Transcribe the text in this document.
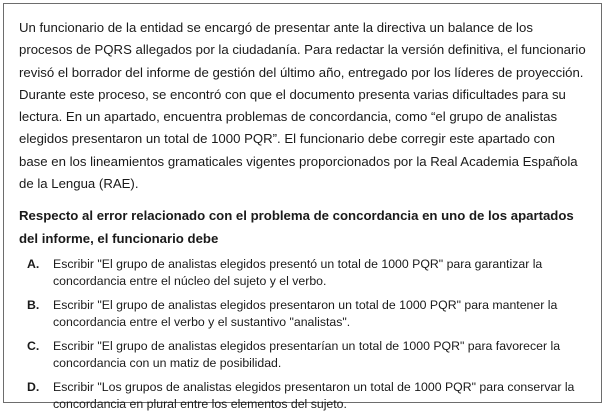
Un funcionario de la entidad se encargó de presentar ante la directiva un balance de los procesos de PQRS allegados por la ciudadanía. Para redactar la versión definitiva, el funcionario revisó el borrador del informe de gestión del último año, entregado por los líderes de proyección. Durante este proceso, se encontró con que el documento presenta varias dificultades para su lectura. En un apartado, encuentra problemas de concordancia, como “el grupo de analistas elegidos presentaron un total de 1000 PQR”. El funcionario debe corregir este apartado con base en los lineamientos gramaticales vigentes proporcionados por la Real Academia Española de la Lengua (RAE).

Respecto al error relacionado con el problema de concordancia en uno de los apartados del informe, el funcionario debe

A.	Escribir "El grupo de analistas elegidos presentó un total de 1000 PQR" para garantizar la concordancia entre el núcleo del sujeto y el verbo.
B.	Escribir "El grupo de analistas elegidos presentaron un total de 1000 PQR" para mantener la concordancia entre el verbo y el sustantivo "analistas".
C.	Escribir "El grupo de analistas elegidos presentarían un total de 1000 PQR" para favorecer la concordancia con un matiz de posibilidad.
D.	Escribir "Los grupos de analistas elegidos presentaron un total de 1000 PQR" para conservar la concordancia en plural entre los elementos del sujeto.
